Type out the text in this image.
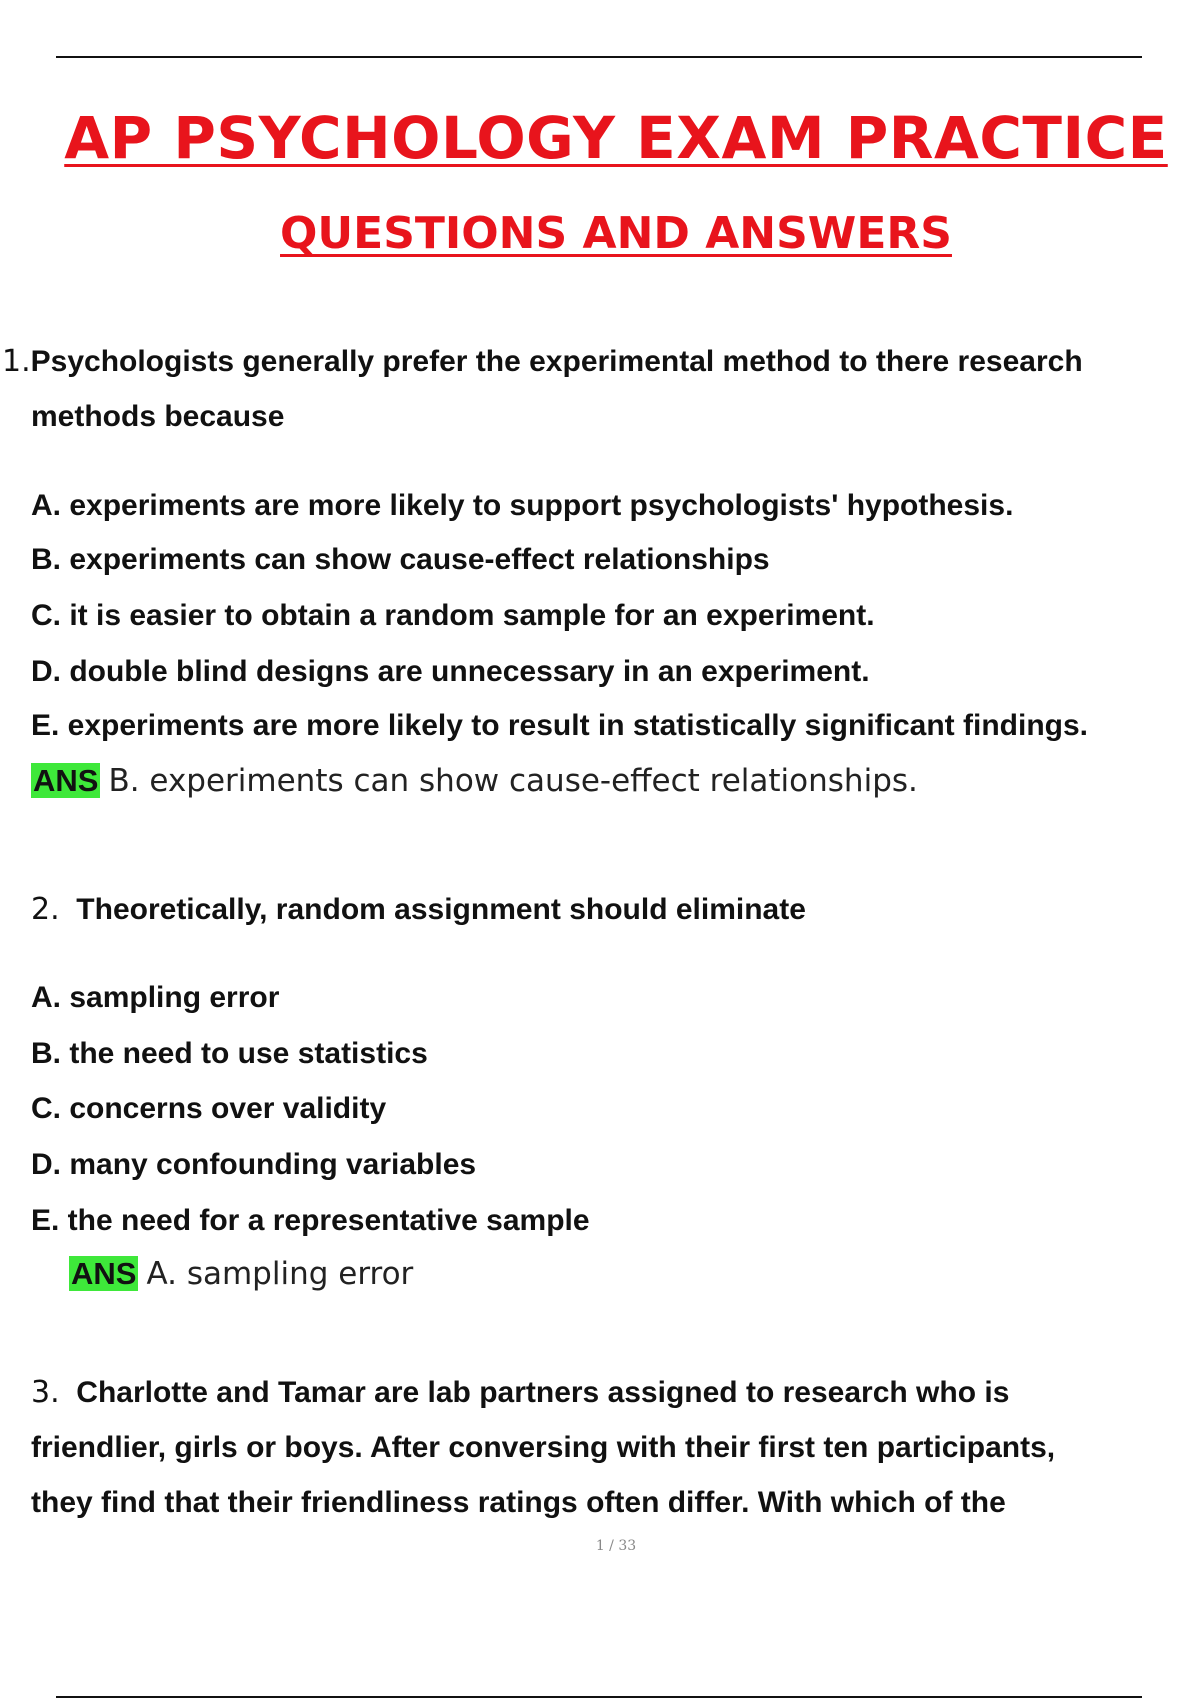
AP PSYCHOLOGY EXAM PRACTICE
QUESTIONS AND ANSWERS
1.Psychologists generally prefer the experimental method to there research
methods because
A. experiments are more likely to support psychologists' hypothesis.
B. experiments can show cause-effect relationships
C. it is easier to obtain a random sample for an experiment.
D. double blind designs are unnecessary in an experiment.
E. experiments are more likely to result in statistically significant findings.
ANS B. experiments can show cause-effect relationships.
2. Theoretically, random assignment should eliminate
A. sampling error
B. the need to use statistics
C. concerns over validity
D. many confounding variables
E. the need for a representative sample
ANS A. sampling error
3. Charlotte and Tamar are lab partners assigned to research who is
friendlier, girls or boys. After conversing with their first ten participants,
they find that their friendliness ratings often differ. With which of the
1 / 33
